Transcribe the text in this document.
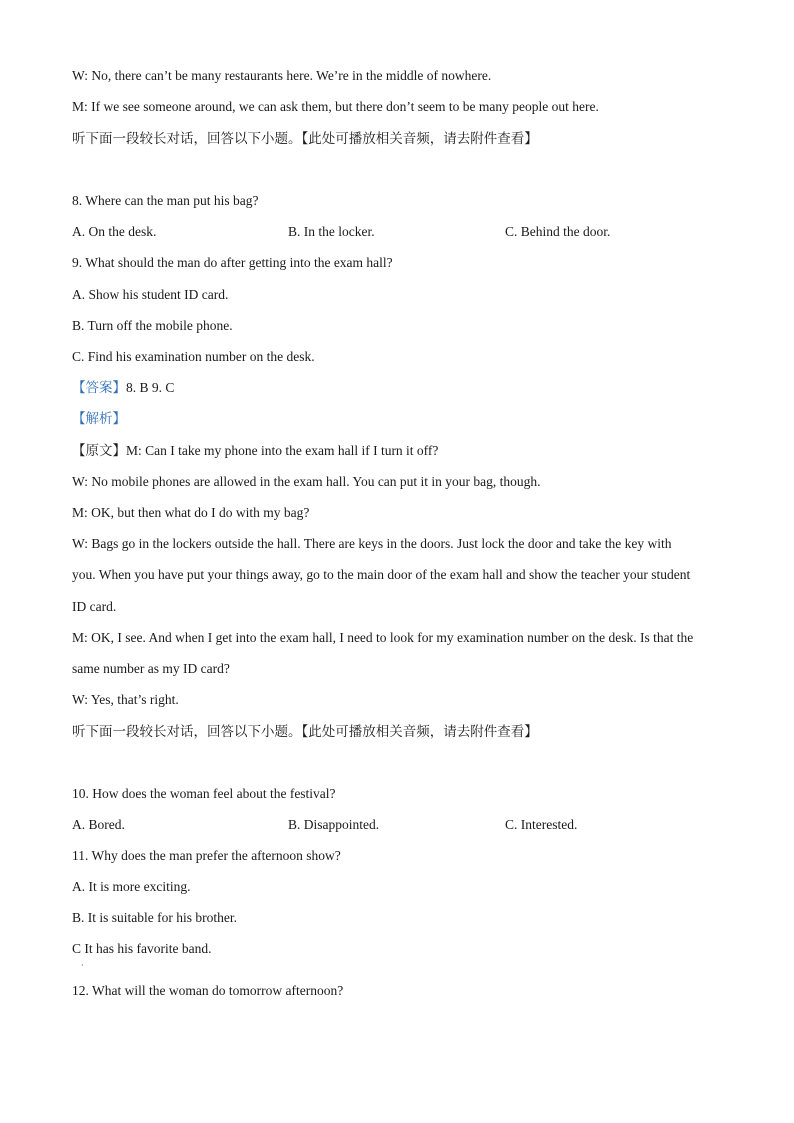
W: No, there can’t be many restaurants here. We’re in the middle of nowhere.
M: If we see someone around, we can ask them, but there don’t seem to be many people out here.
听下面一段较长对话，回答以下小题。【此处可播放相关音频，请去附件查看】
8. Where can the man put his bag?
A. On the desk.	B. In the locker.	C. Behind the door.
9. What should the man do after getting into the exam hall?
A. Show his student ID card.
B. Turn off the mobile phone.
C. Find his examination number on the desk.
【答案】8. B 9. C
【解析】
【原文】M: Can I take my phone into the exam hall if I turn it off?
W: No mobile phones are allowed in the exam hall. You can put it in your bag, though.
M: OK, but then what do I do with my bag?
W: Bags go in the lockers outside the hall. There are keys in the doors. Just lock the door and take the key with
you. When you have put your things away, go to the main door of the exam hall and show the teacher your student
ID card.
M: OK, I see. And when I get into the exam hall, I need to look for my examination number on the desk. Is that the
same number as my ID card?
W: Yes, that’s right.
听下面一段较长对话，回答以下小题。【此处可播放相关音频，请去附件查看】
10. How does the woman feel about the festival?
A. Bored.	B. Disappointed.	C. Interested.
11. Why does the man prefer the afternoon show?
A. It is more exciting.
B. It is suitable for his brother.
C It has his favorite band.
·
12. What will the woman do tomorrow afternoon?
